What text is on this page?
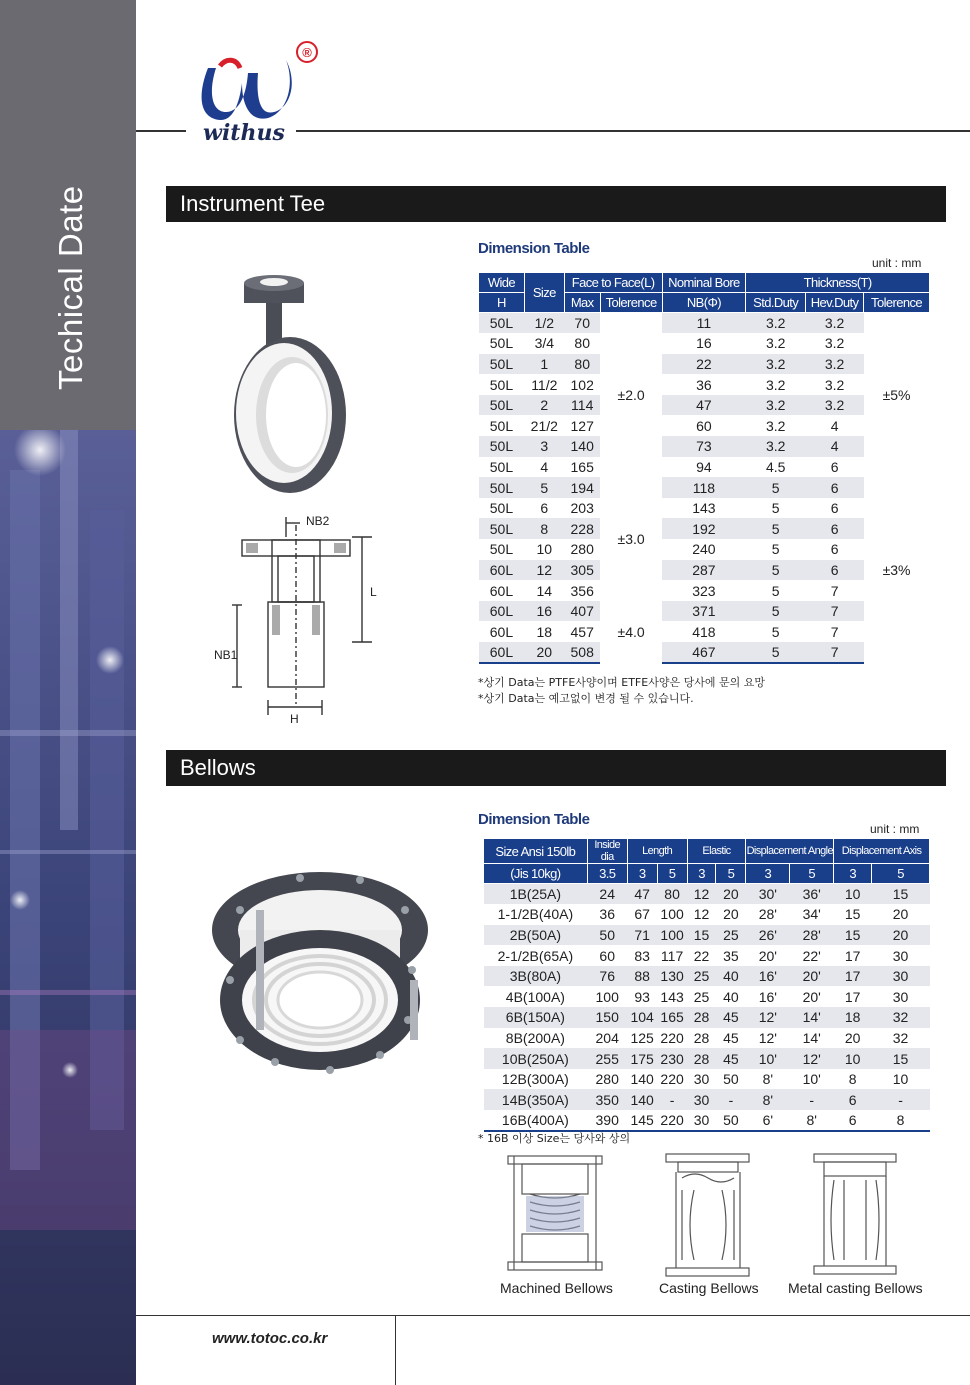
Techical Date
®
withus
Instrument Tee
NB2
L
NB1
H
Dimension Table
unit : mm
Wide	Size	Face to Face(L)		Nominal Bore	Thickness(T)		
H		Max	Tolerence	NB(Φ)	Std.Duty	Hev.Duty	Tolerence
50L	1/2	70	±2.0	11	3.2	3.2	±5%
50L	3/4	80		16	3.2	3.2	
50L	1	80		22	3.2	3.2	
50L	11/2	102		36	3.2	3.2	
50L	2	114		47	3.2	3.2	
50L	21/2	127		60	3.2	4	
50L	3	140		73	3.2	4	
50L	4	165		94	4.5	6	
50L	5	194	±3.0	118	5	6	±3%
50L	6	203		143	5	6	
50L	8	228		192	5	6	
50L	10	280		240	5	6	
60L	12	305		287	5	6	
60L	14	356		323	5	7	
60L	16	407	±4.0	371	5	7	
60L	18	457		418	5	7	
60L	20	508		467	5	7	
*상기 Data는 PTFE사양이며 ETFE사양은 당사에 문의 요망
*상기 Data는 예고없이 변경 될 수 있습니다.
Bellows
Dimension Table
unit : mm
Size Ansi 150lb	Inside dia	Length		Elastic		Displacement Angle		Displacement Axis	
(Jis 10kg)	3.5	3	5	3	5	3	5	3	5
1B(25A)	24	47	80	12	20	30'	36'	10	15
1-1/2B(40A)	36	67	100	12	20	28'	34'	15	20
2B(50A)	50	71	100	15	25	26'	28'	15	20
2-1/2B(65A)	60	83	117	22	35	20'	22'	17	30
3B(80A)	76	88	130	25	40	16'	20'	17	30
4B(100A)	100	93	143	25	40	16'	20'	17	30
6B(150A)	150	104	165	28	45	12'	14'	18	32
8B(200A)	204	125	220	28	45	12'	14'	20	32
10B(250A)	255	175	230	28	45	10'	12'	10	15
12B(300A)	280	140	220	30	50	8'	10'	8	10
14B(350A)	350	140	-	30	-	8'	-	6	-
16B(400A)	390	145	220	30	50	6'	8'	6	8
* 16B 이상 Size는 당사와 상의
Machined Bellows	Casting Bellows Metal casting Bellows
www.totoc.co.kr
